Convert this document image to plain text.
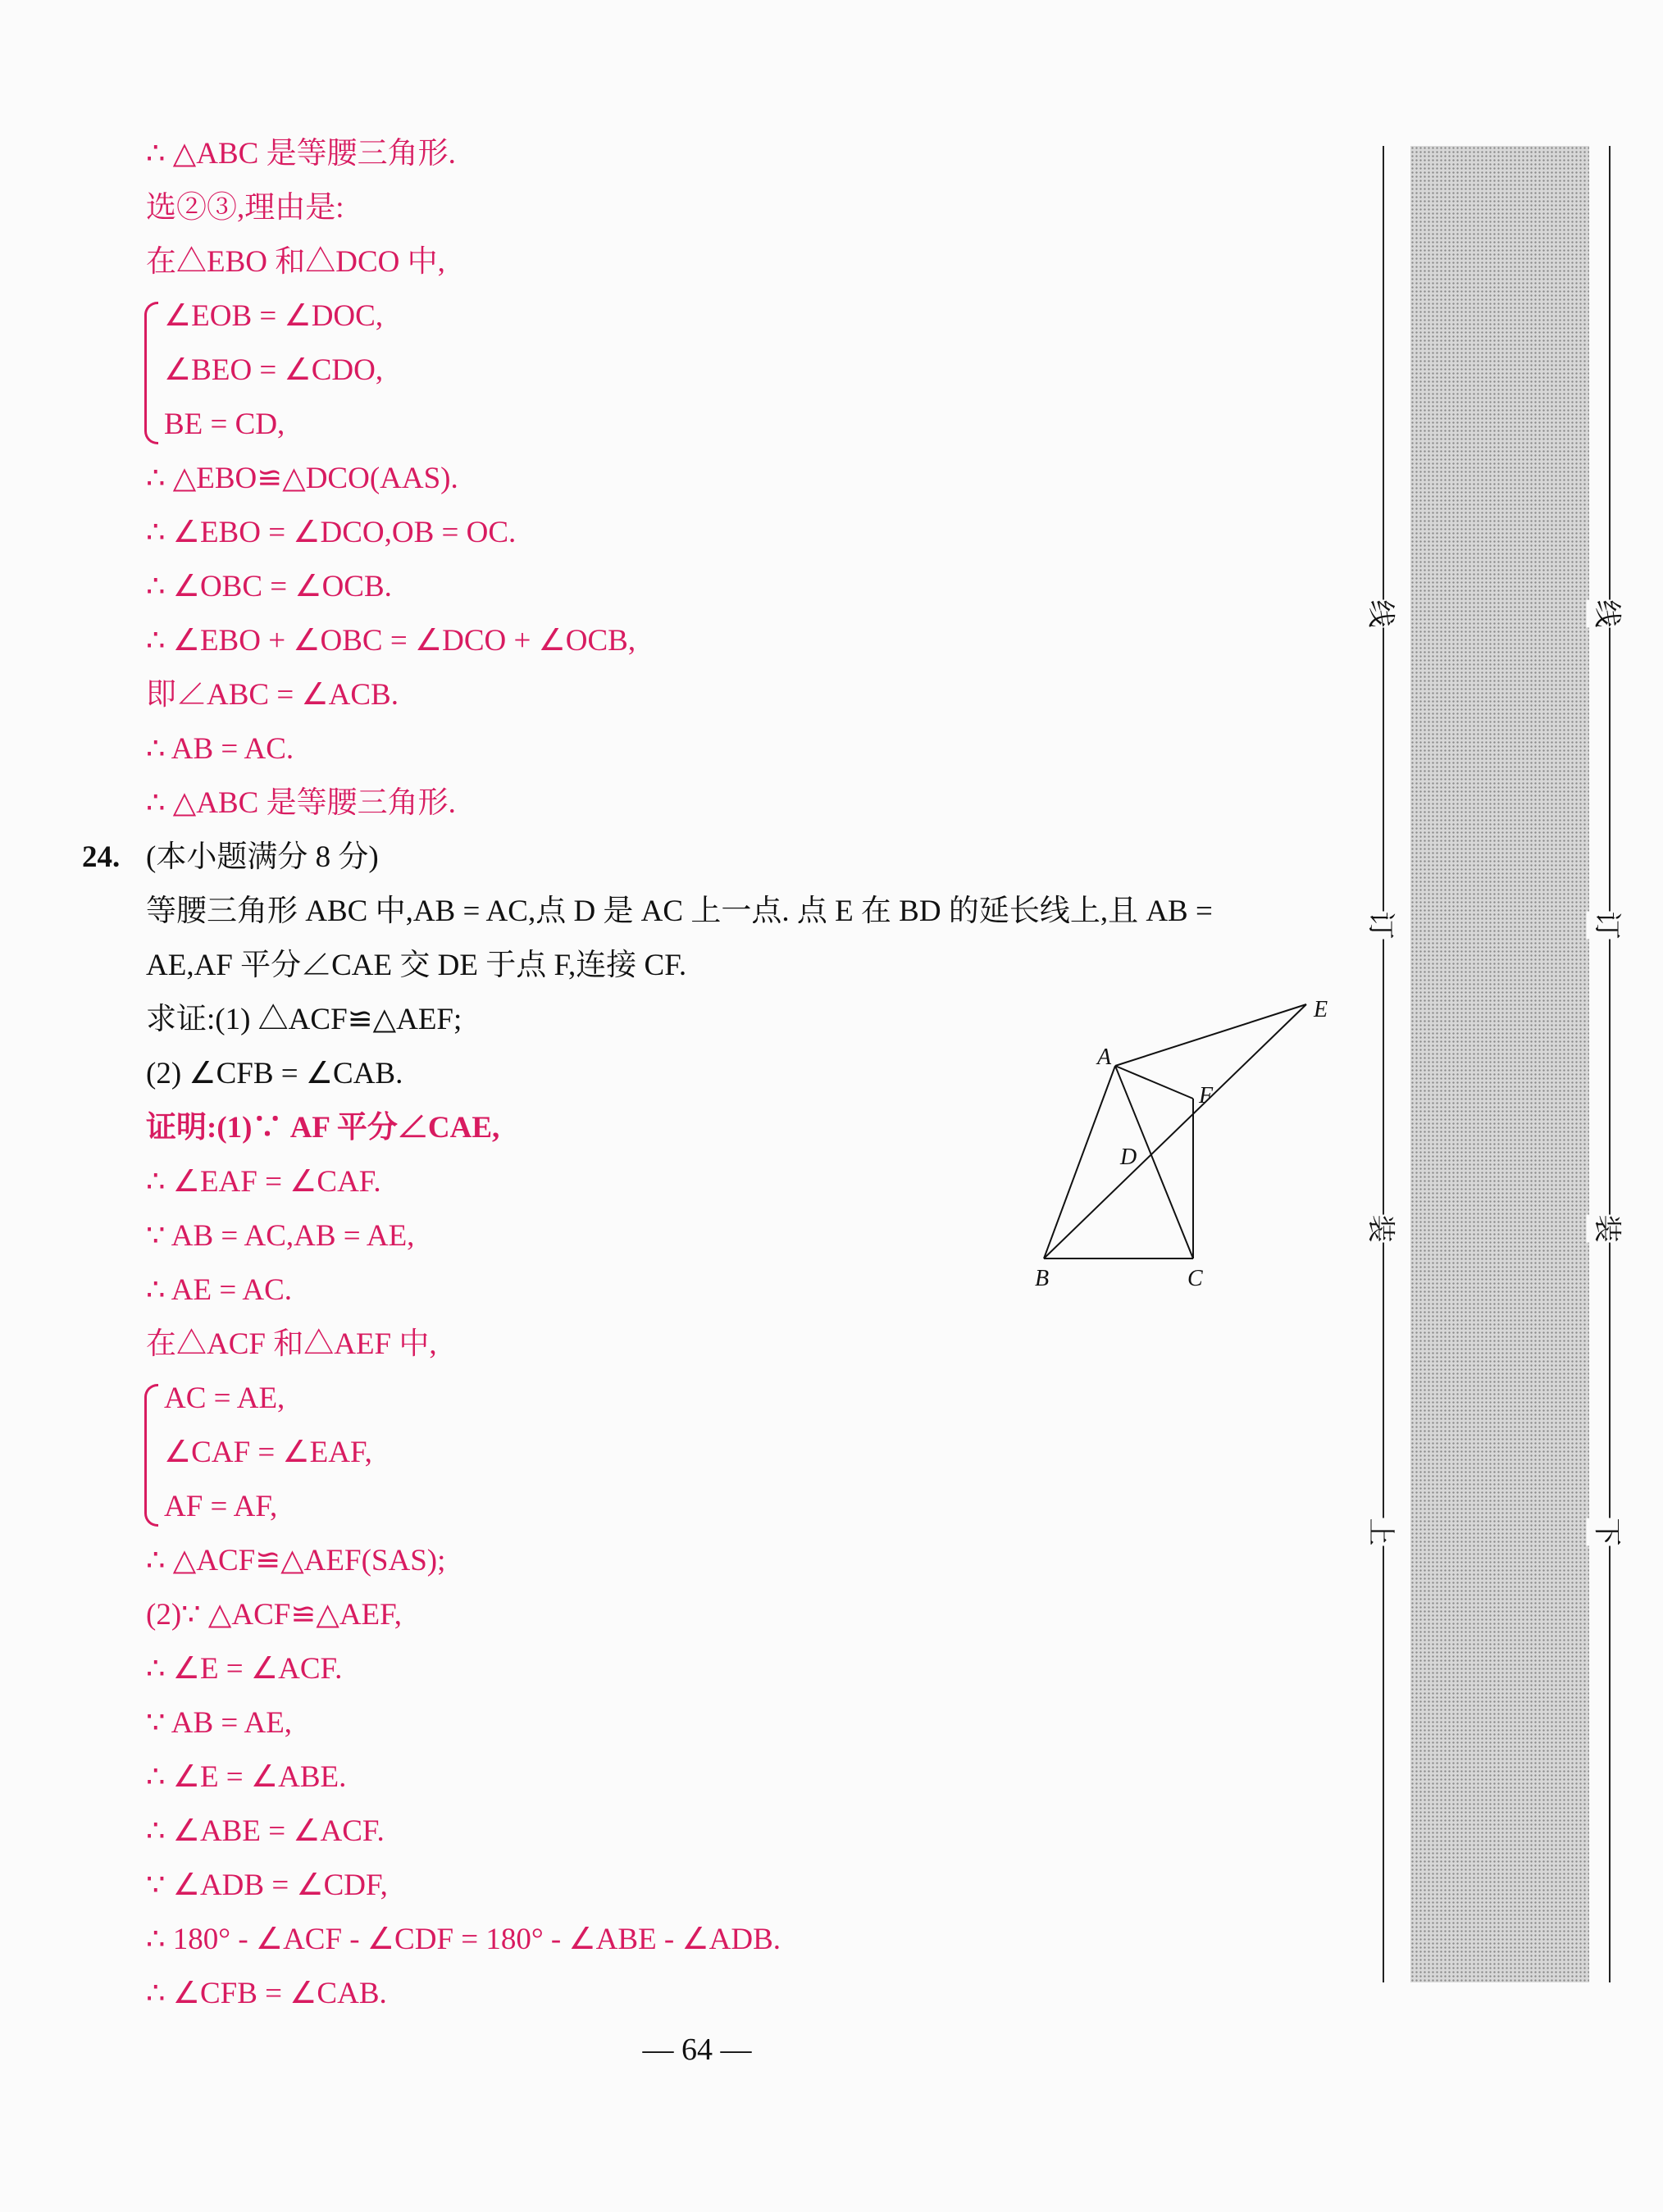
∴ △ABC 是等腰三角形.
选②③,理由是:
在△EBO 和△DCO 中,
∠EOB = ∠DOC,
∠BEO = ∠CDO,
BE = CD,
∴ △EBO≌△DCO(AAS).
∴ ∠EBO = ∠DCO,OB = OC.
∴ ∠OBC = ∠OCB.
∴ ∠EBO + ∠OBC = ∠DCO + ∠OCB,
即∠ABC = ∠ACB.
∴ AB = AC.
∴ △ABC 是等腰三角形.
24. (本小题满分 8 分)
等腰三角形 ABC 中,AB = AC,点 D 是 AC 上一点. 点 E 在 BD 的延长线上,且 AB =
AE,AF 平分∠CAE 交 DE 于点 F,连接 CF.
求证:(1) △ACF≌△AEF;
(2) ∠CFB = ∠CAB.
证明:(1)∵ AF 平分∠CAE,
∴ ∠EAF = ∠CAF.
∵ AB = AC,AB = AE,
∴ AE = AC.
在△ACF 和△AEF 中,
AC = AE,
∠CAF = ∠EAF,
AF = AF,
∴ △ACF≌△AEF(SAS);
(2)∵ △ACF≌△AEF,
∴ ∠E = ∠ACF.
∵ AB = AE,
∴ ∠E = ∠ABE.
∴ ∠ABE = ∠ACF.
∵ ∠ADB = ∠CDF,
∴ 180° - ∠ACF - ∠CDF = 180° - ∠ABE - ∠ADB.
∴ ∠CFB = ∠CAB.
A
B	C
D
E
F
— 64 —
线
订
装
上
线
订
装
下
